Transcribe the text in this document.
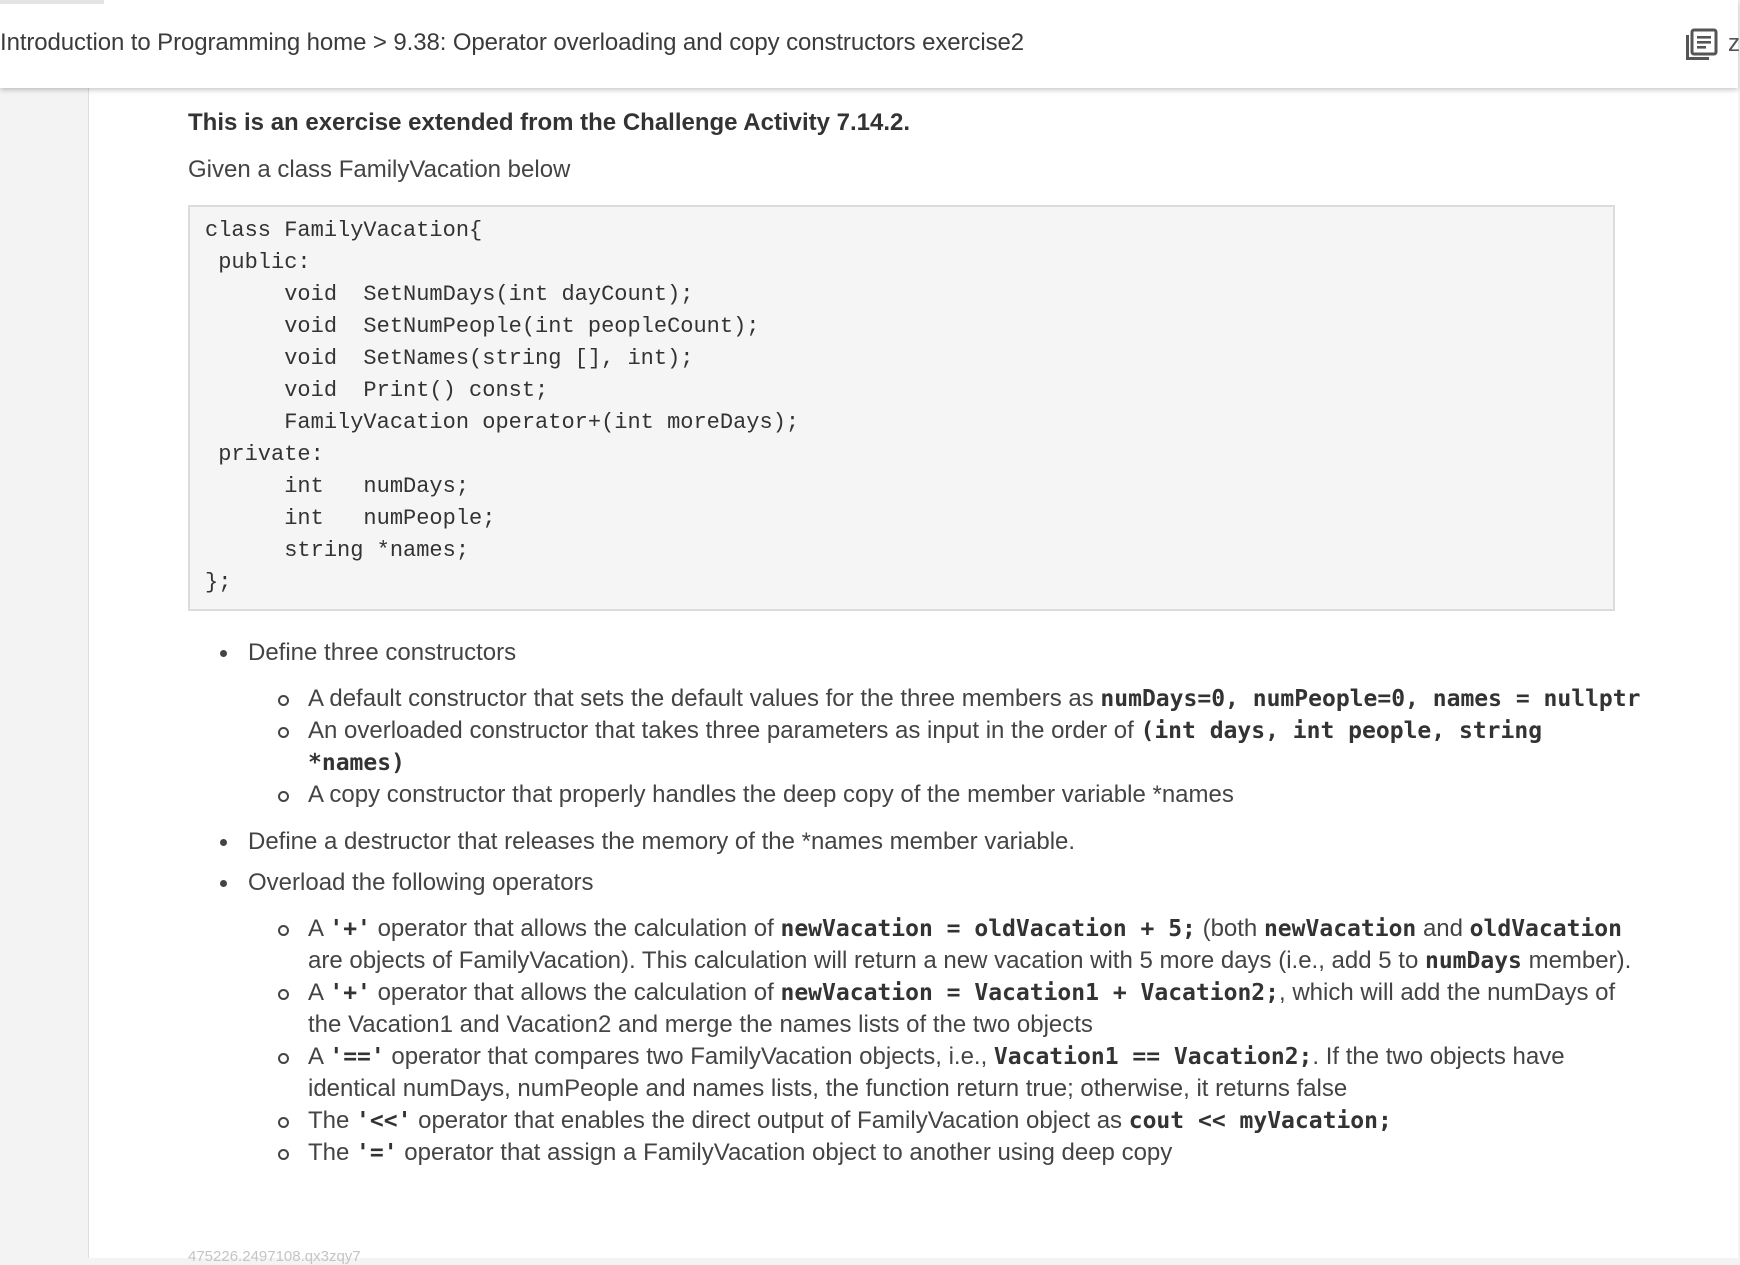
Introduction to Programming home > 9.38: Operator overloading and copy constructors exercise2	z

This is an exercise extended from the Challenge Activity 7.14.2.

Given a class FamilyVacation below

class FamilyVacation{
public:
void  SetNumDays(int dayCount);
void  SetNumPeople(int peopleCount);
void  SetNames(string [], int);
void  Print() const;
FamilyVacation operator+(int moreDays);
private:
int   numDays;
int   numPeople;
string *names;
};
Define three constructors
A default constructor that sets the default values for the three members as numDays=0, numPeople=0, names = nullptr
An overloaded constructor that takes three parameters as input in the order of (int days, int people, string *names)
A copy constructor that properly handles the deep copy of the member variable *names
Define a destructor that releases the memory of the *names member variable.
Overload the following operators
A '+' operator that allows the calculation of newVacation = oldVacation + 5; (both newVacation and oldVacation are objects of FamilyVacation). This calculation will return a new vacation with 5 more days (i.e., add 5 to numDays member).
A '+' operator that allows the calculation of newVacation = Vacation1 + Vacation2;, which will add the numDays of the Vacation1 and Vacation2 and merge the names lists of the two objects
A '==' operator that compares two FamilyVacation objects, i.e., Vacation1 == Vacation2;. If the two objects have identical numDays, numPeople and names lists, the function return true; otherwise, it returns false
The '<<' operator that enables the direct output of FamilyVacation object as cout << myVacation;
The '=' operator that assign a FamilyVacation object to another using deep copy
475226.2497108.qx3zqy7
